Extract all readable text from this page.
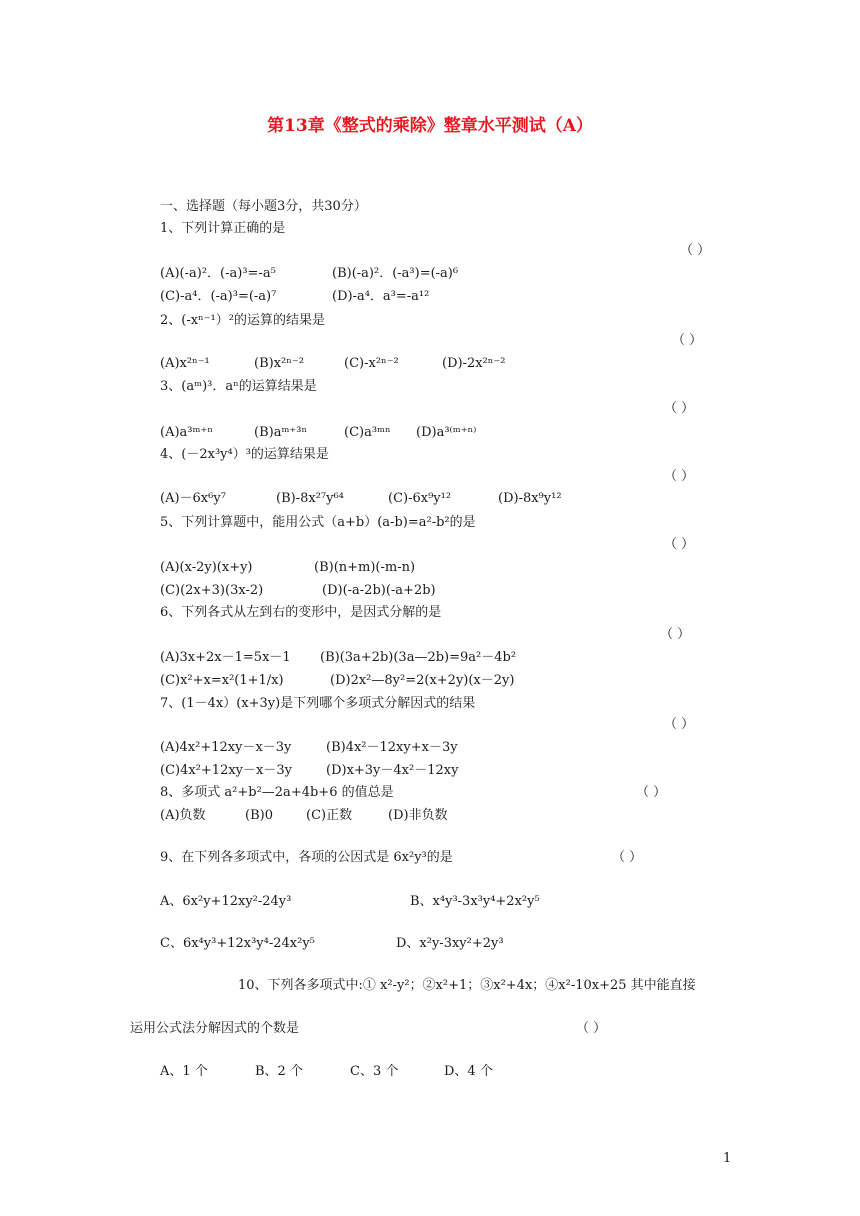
第13章《整式的乘除》整章水平测试（A）
一、选择题（每小题3分，共30分）
1、下列计算正确的是
（ ）
(A)(-a)²．(-a)³=-a⁵	(B)(-a)²．(-a³)=(-a)⁶
(C)-a⁴．(-a)³=(-a)⁷	(D)-a⁴．a³=-a¹²
2、(-xⁿ⁻¹）²的运算的结果是
（ ）
(A)x²ⁿ⁻¹	(B)x²ⁿ⁻²	(C)-x²ⁿ⁻²	(D)-2x²ⁿ⁻²
3、(aᵐ)³．aⁿ的运算结果是
（ ）
(A)a³ᵐ⁺ⁿ	(B)aᵐ⁺³ⁿ	(C)a³ᵐⁿ (D)a³⁽ᵐ⁺ⁿ⁾
4、(－2x³y⁴）³的运算结果是
（ ）
(A)－6x⁶y⁷	(B)-8x²⁷y⁶⁴	(C)-6x⁹y¹²	(D)-8x⁹y¹²
5、下列计算题中，能用公式（a+b）(a-b)=a²-b²的是
（ ）
(A)(x-2y)(x+y)	(B)(n+m)(-m-n)
(C)(2x+3)(3x-2)	(D)(-a-2b)(-a+2b)
6、下列各式从左到右的变形中，是因式分解的是
（ ）
(A)3x+2x－1=5x－1 (B)(3a+2b)(3a—2b)=9a²－4b²
(C)x²+x=x²(1+1/x)	(D)2x²—8y²=2(x+2y)(x－2y)
7、(1－4x）(x+3y)是下列哪个多项式分解因式的结果
（ ）
(A)4x²+12xy－x－3y	(B)4x²－12xy+x－3y
(C)4x²+12xy－x－3y	(D)x+3y－4x²－12xy
8、多项式 a²+b²—2a+4b+6 的值总是	（ ）
(A)负数	(B)0	(C)正数	(D)非负数
9、在下列各多项式中，各项的公因式是 6x²y³的是	（ ）
A、6x²y+12xy²-24y³	B、x⁴y³-3x³y⁴+2x²y⁵
C、6x⁴y³+12x³y⁴-24x²y⁵	D、x²y-3xy²+2y³
10、下列各多项式中:① x²-y²；②x²+1；③x²+4x；④x²-10x+25 其中能直接
运用公式法分解因式的个数是	（ ）
A、1 个	B、2 个	C、3 个	D、4 个
1
